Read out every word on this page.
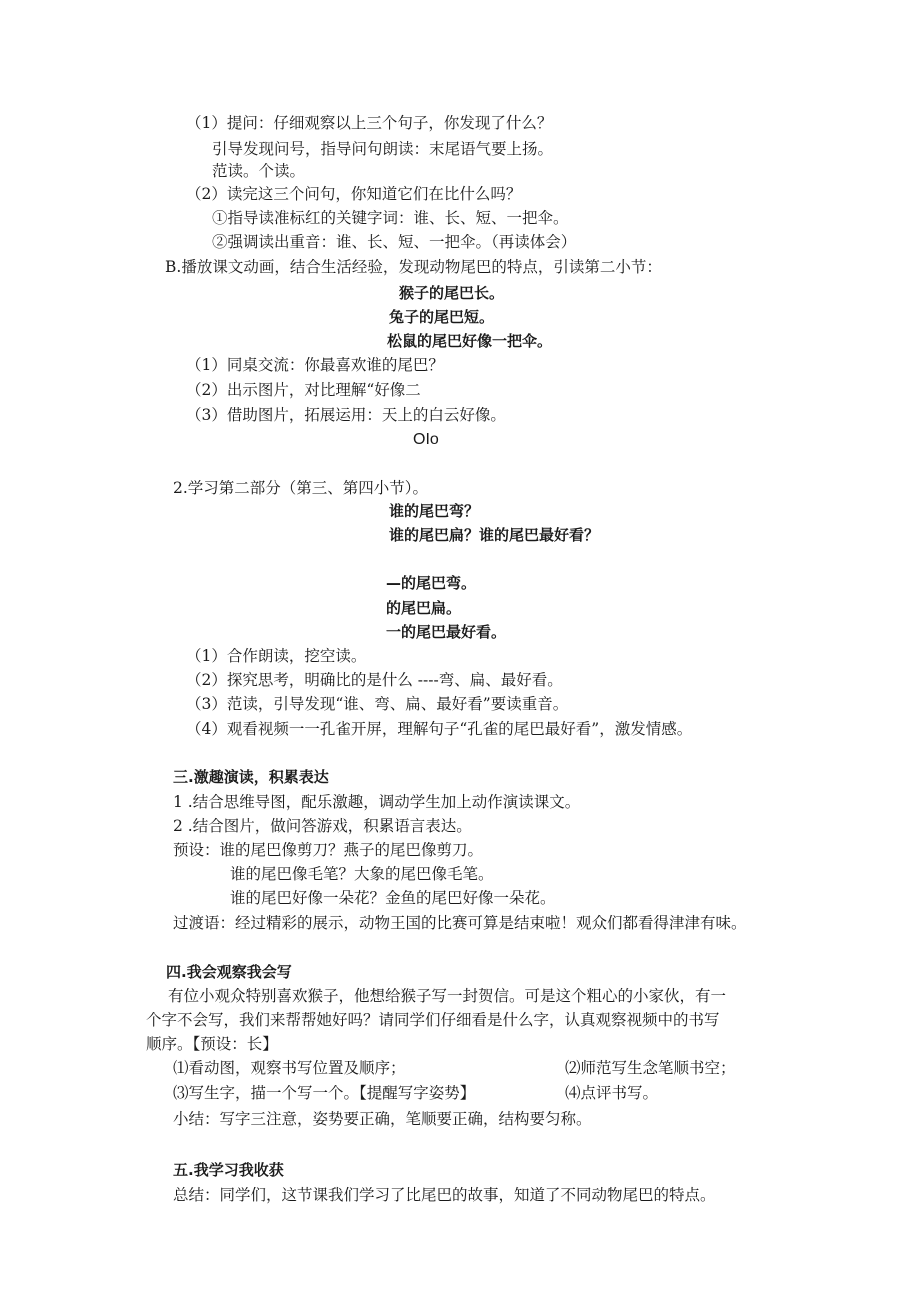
（1）提问：仔细观察以上三个句子，你发现了什么？
引导发现问号，指导问句朗读：末尾语气要上扬。
范读。个读。
（2）读完这三个问句，你知道它们在比什么吗？
①指导读准标红的关键字词：谁、长、短、一把伞。
②强调读出重音：谁、长、短、一把伞。（再读体会）
B.播放课文动画，结合生活经验，发现动物尾巴的特点，引读第二小节：
猴子的尾巴长。
兔子的尾巴短。
松鼠的尾巴好像一把伞。
（1）同桌交流：你最喜欢谁的尾巴？
（2）出示图片，对比理解“好像二
（3）借助图片，拓展运用：天上的白云好像。
OIo
2.学习第二部分（第三、第四小节）。
谁的尾巴弯？
谁的尾巴扁？谁的尾巴最好看？
—的尾巴弯。
的尾巴扁。
一的尾巴最好看。
（1）合作朗读，挖空读。
（2）探究思考，明确比的是什么 ----弯、扁、最好看。
（3）范读，引导发现“谁、弯、扁、最好看”要读重音。
（4）观看视频一一孔雀开屏，理解句子“孔雀的尾巴最好看”，激发情感。
三.激趣演读，积累表达
1 .结合思维导图，配乐激趣，调动学生加上动作演读课文。
2 .结合图片，做问答游戏，积累语言表达。
预设：谁的尾巴像剪刀？燕子的尾巴像剪刀。
谁的尾巴像毛笔？大象的尾巴像毛笔。
谁的尾巴好像一朵花？金鱼的尾巴好像一朵花。
过渡语：经过精彩的展示，动物王国的比赛可算是结束啦！观众们都看得津津有味。
四.我会观察我会写
有位小观众特别喜欢猴子，他想给猴子写一封贺信。可是这个粗心的小家伙，有一
个字不会写，我们来帮帮她好吗？请同学们仔细看是什么字，认真观察视频中的书写
顺序。【预设：长】
⑴看动图，观察书写位置及顺序；	⑵师范写生念笔顺书空；
⑶写生字，描一个写一个。【提醒写字姿势】	⑷点评书写。
小结：写字三注意，姿势要正确，笔顺要正确，结构要匀称。
五.我学习我收获
总结：同学们，这节课我们学习了比尾巴的故事，知道了不同动物尾巴的特点。
